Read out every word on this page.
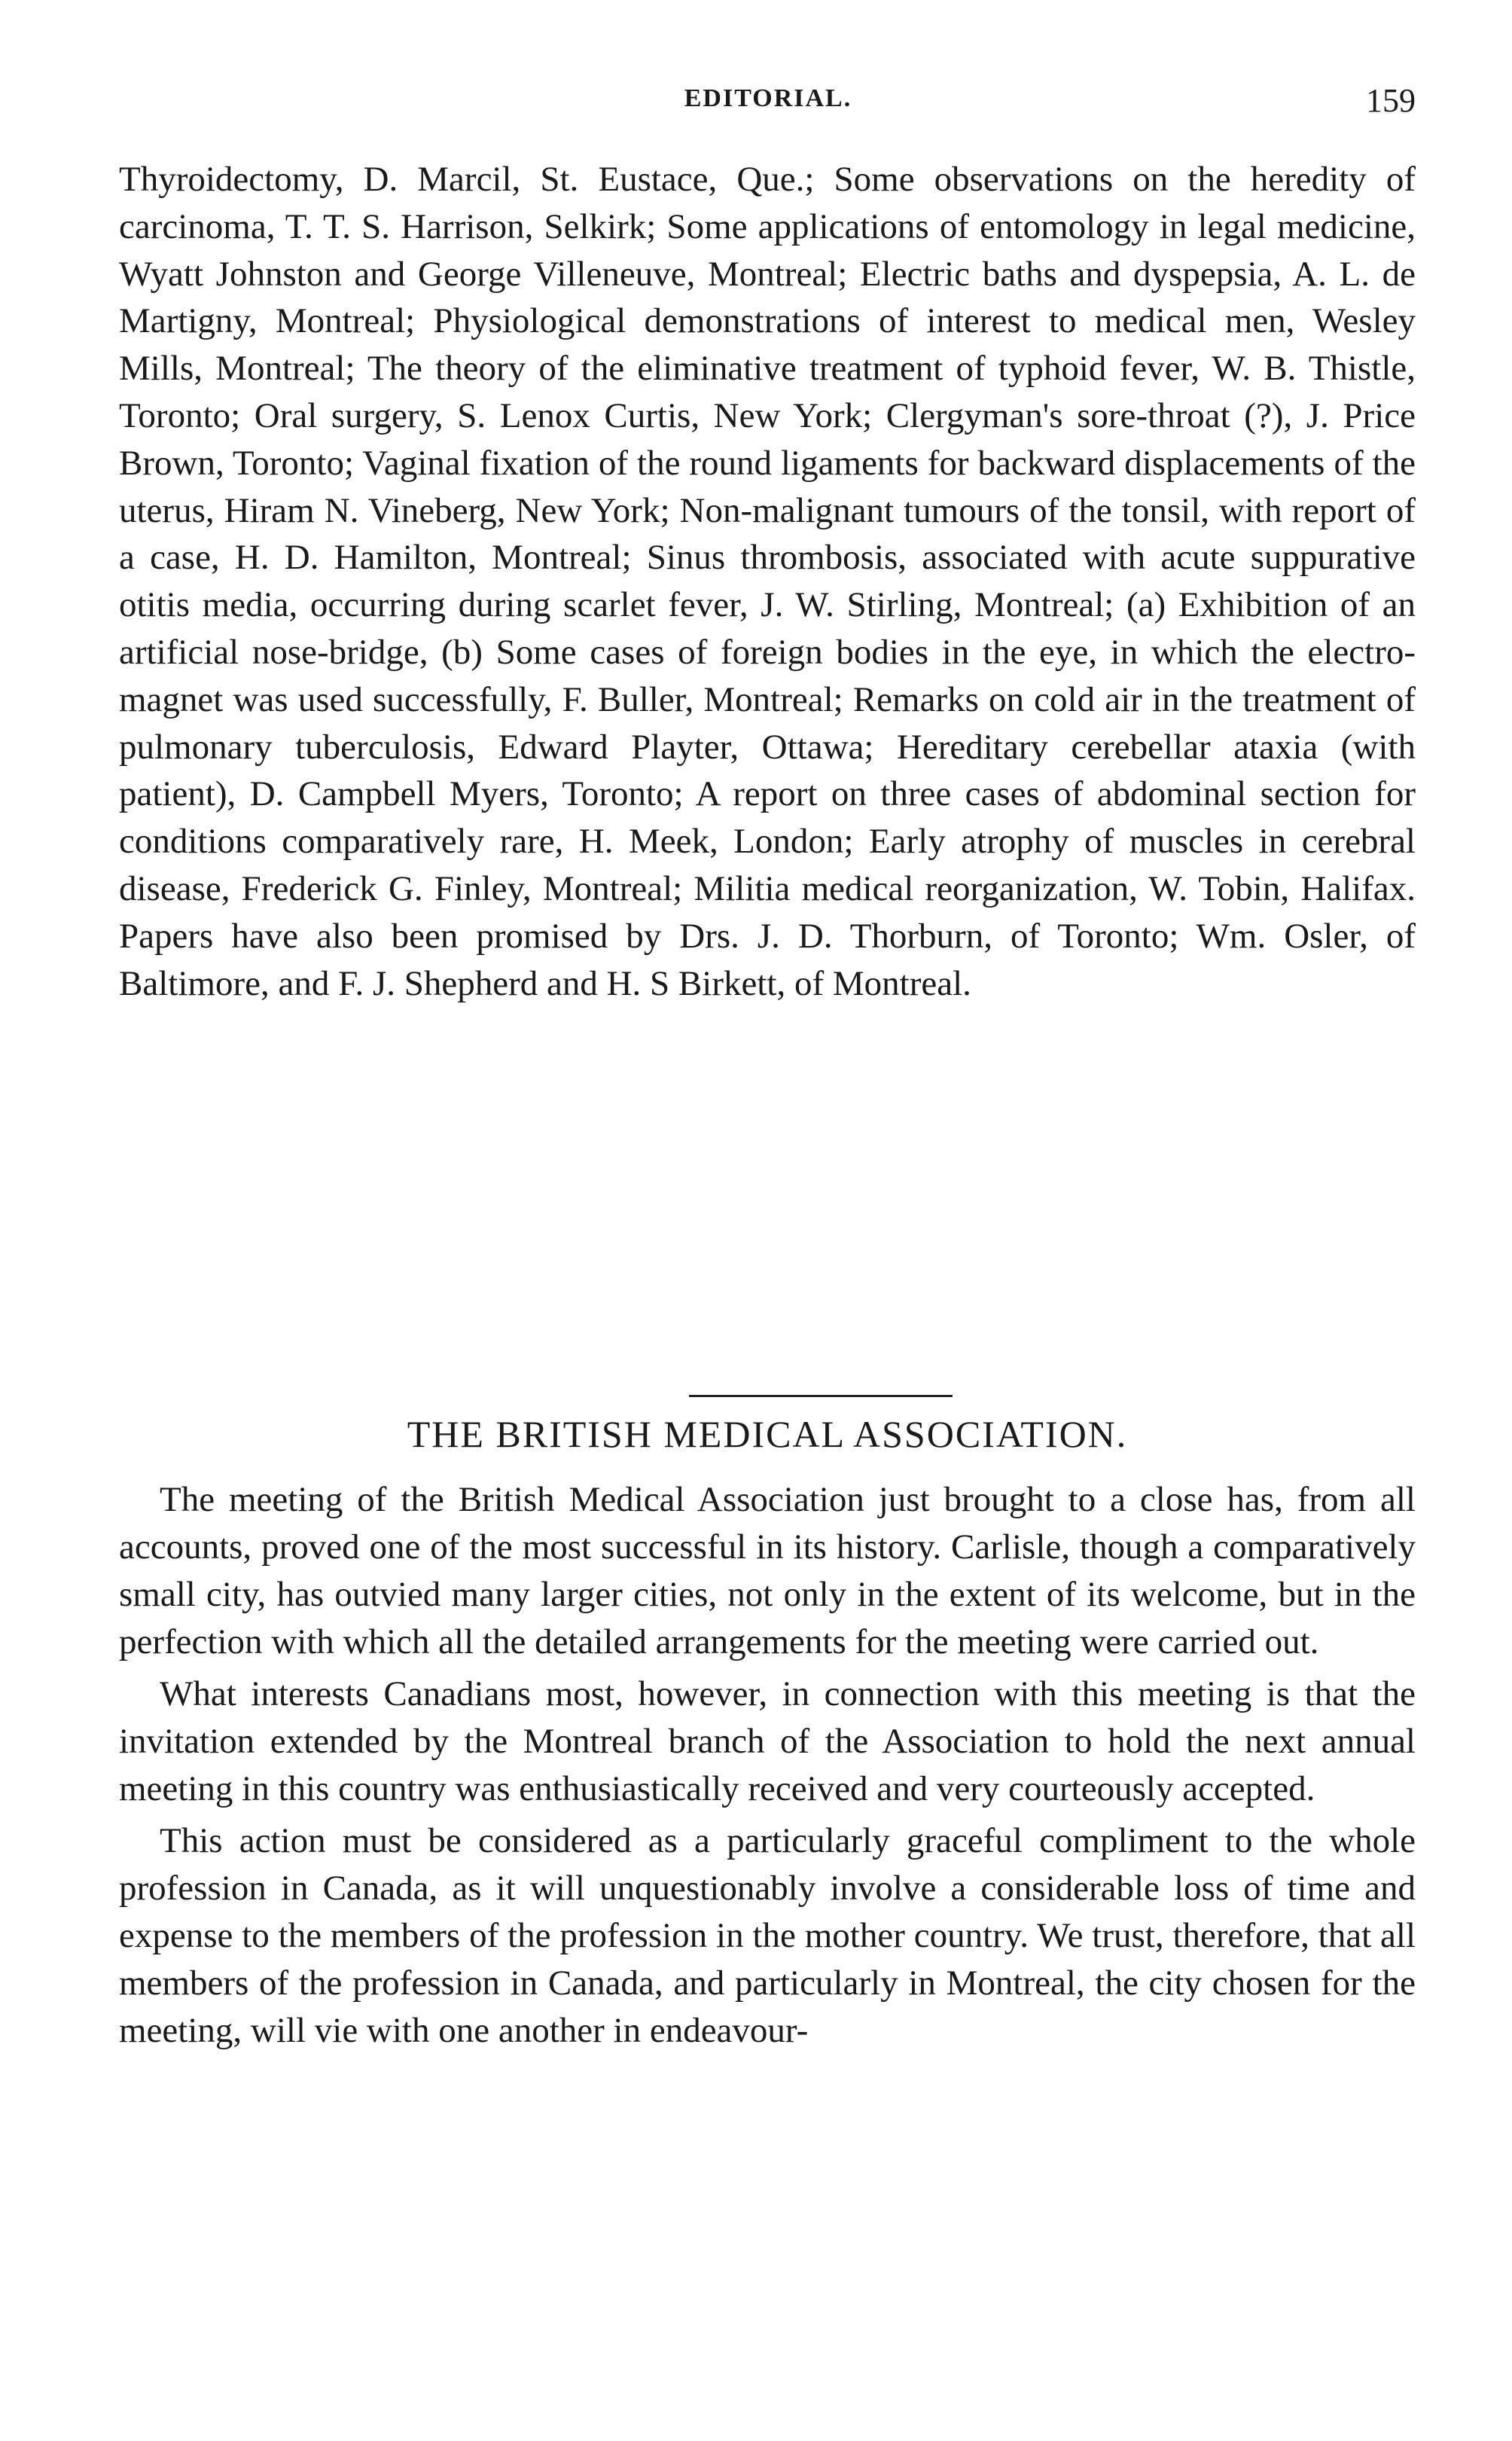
EDITORIAL.	159

Thyroidectomy, D. Marcil, St. Eustace, Que.; Some observations on the heredity of carcinoma, T. T. S. Harrison, Selkirk; Some applications of entomology in legal medicine, Wyatt Johnston and George Villeneuve, Montreal; Electric baths and dyspepsia, A. L. de Martigny, Montreal; Physiological demonstrations of interest to medical men, Wesley Mills, Montreal; The theory of the eliminative treatment of typhoid fever, W. B. Thistle, Toronto; Oral surgery, S. Lenox Curtis, New York; Clergyman's sore-throat (?), J. Price Brown, Toronto; Vaginal fixation of the round ligaments for backward displacements of the uterus, Hiram N. Vineberg, New York; Non-malignant tumours of the tonsil, with report of a case, H. D. Hamilton, Montreal; Sinus thrombosis, associated with acute suppurative otitis media, occurring during scarlet fever, J. W. Stirling, Montreal; (a) Exhibition of an artificial nose-bridge, (b) Some cases of foreign bodies in the eye, in which the electro-magnet was used successfully, F. Buller, Montreal; Remarks on cold air in the treatment of pulmonary tuberculosis, Edward Playter, Ottawa; Hereditary cerebellar ataxia (with patient), D. Campbell Myers, Toronto; A report on three cases of abdominal section for conditions comparatively rare, H. Meek, London; Early atrophy of muscles in cerebral disease, Frederick G. Finley, Montreal; Militia medical reorganization, W. Tobin, Halifax. Papers have also been promised by Drs. J. D. Thorburn, of Toronto; Wm. Osler, of Baltimore, and F. J. Shepherd and H. S Birkett, of Montreal.

THE BRITISH MEDICAL ASSOCIATION.

The meeting of the British Medical Association just brought to a close has, from all accounts, proved one of the most successful in its history. Carlisle, though a comparatively small city, has outvied many larger cities, not only in the extent of its welcome, but in the perfection with which all the detailed arrangements for the meeting were carried out.

What interests Canadians most, however, in connection with this meeting is that the invitation extended by the Montreal branch of the Association to hold the next annual meeting in this country was enthusiastically received and very courteously accepted.

This action must be considered as a particularly graceful compliment to the whole profession in Canada, as it will unquestionably involve a considerable loss of time and expense to the members of the profession in the mother country. We trust, therefore, that all members of the profession in Canada, and particularly in Montreal, the city chosen for the meeting, will vie with one another in endeavour-
